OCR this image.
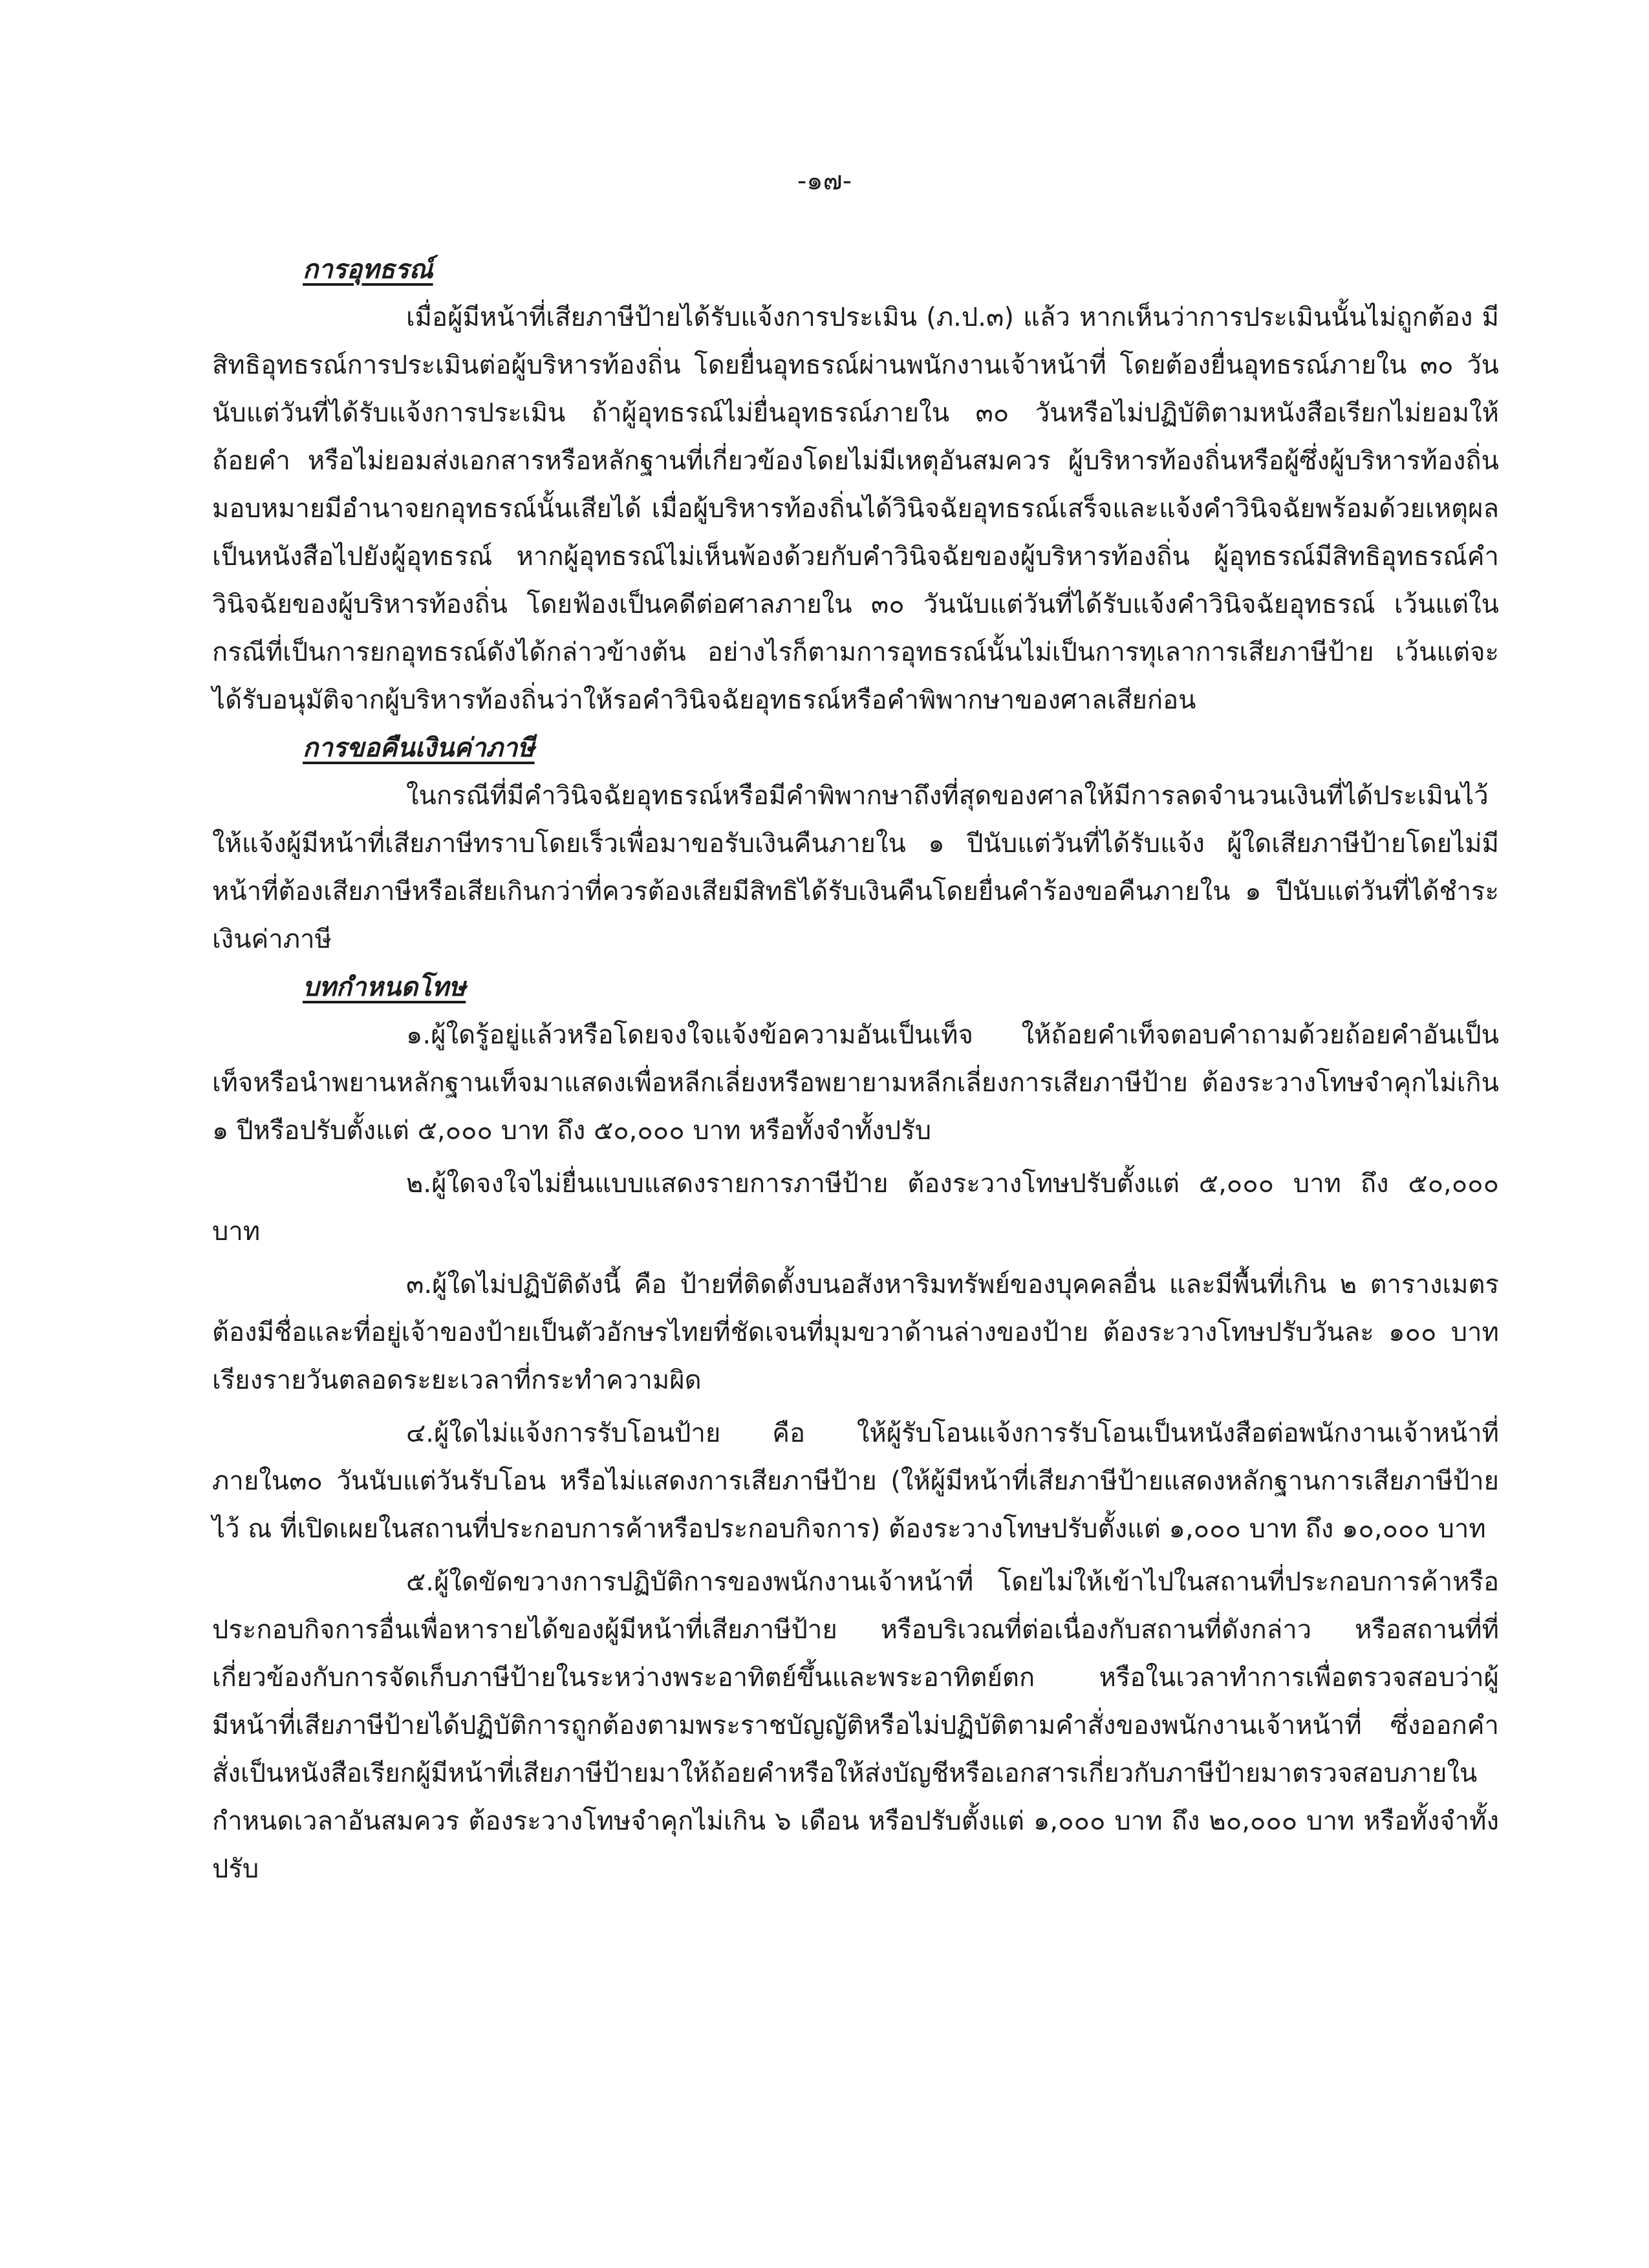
-๑๗-
การอุทธรณ์

เมื่อผู้มีหน้าที่เสียภาษีป้ายได้รับแจ้งการประเมิน (ภ.ป.๓) แล้ว หากเห็นว่าการประเมินนั้นไม่ถูกต้อง มีสิทธิอุทธรณ์การประเมินต่อผู้บริหารท้องถิ่น โดยยื่นอุทธรณ์ผ่านพนักงานเจ้าหน้าที่ โดยต้องยื่นอุทธรณ์ภายใน ๓๐ วันนับแต่วันที่ได้รับแจ้งการประเมิน ถ้าผู้อุทธรณ์ไม่ยื่นอุทธรณ์ภายใน ๓๐ วันหรือไม่ปฏิบัติตามหนังสือเรียกไม่ยอมให้ถ้อยคำ หรือไม่ยอมส่งเอกสารหรือหลักฐานที่เกี่ยวข้องโดยไม่มีเหตุอันสมควร ผู้บริหารท้องถิ่นหรือผู้ซึ่งผู้บริหารท้องถิ่นมอบหมายมีอำนาจยกอุทธรณ์นั้นเสียได้ เมื่อผู้บริหารท้องถิ่นได้วินิจฉัยอุทธรณ์เสร็จและแจ้งคำวินิจฉัยพร้อมด้วยเหตุผลเป็นหนังสือไปยังผู้อุทธรณ์ หากผู้อุทธรณ์ไม่เห็นพ้องด้วยกับคำวินิจฉัยของผู้บริหารท้องถิ่น ผู้อุทธรณ์มีสิทธิอุทธรณ์คำวินิจฉัยของผู้บริหารท้องถิ่น โดยฟ้องเป็นคดีต่อศาลภายใน ๓๐ วันนับแต่วันที่ได้รับแจ้งคำวินิจฉัยอุทธรณ์ เว้นแต่ในกรณีที่เป็นการยกอุทธรณ์ดังได้กล่าวข้างต้น อย่างไรก็ตามการอุทธรณ์นั้นไม่เป็นการทุเลาการเสียภาษีป้าย เว้นแต่จะได้รับอนุมัติจากผู้บริหารท้องถิ่นว่าให้รอคำวินิจฉัยอุทธรณ์หรือคำพิพากษาของศาลเสียก่อน

การขอคืนเงินค่าภาษี

ในกรณีที่มีคำวินิจฉัยอุทธรณ์หรือมีคำพิพากษาถึงที่สุดของศาลให้มีการลดจำนวนเงินที่ได้ประเมินไว้ให้แจ้งผู้มีหน้าที่เสียภาษีทราบโดยเร็วเพื่อมาขอรับเงินคืนภายใน ๑ ปีนับแต่วันที่ได้รับแจ้ง ผู้ใดเสียภาษีป้ายโดยไม่มีหน้าที่ต้องเสียภาษีหรือเสียเกินกว่าที่ควรต้องเสียมีสิทธิได้รับเงินคืนโดยยื่นคำร้องขอคืนภายใน ๑ ปีนับแต่วันที่ได้ชำระเงินค่าภาษี

บทกำหนดโทษ

๑.ผู้ใดรู้อยู่แล้วหรือโดยจงใจแจ้งข้อความอันเป็นเท็จ ให้ถ้อยคำเท็จตอบคำถามด้วยถ้อยคำอันเป็นเท็จหรือนำพยานหลักฐานเท็จมาแสดงเพื่อหลีกเลี่ยงหรือพยายามหลีกเลี่ยงการเสียภาษีป้าย ต้องระวางโทษจำคุกไม่เกิน ๑ ปีหรือปรับตั้งแต่ ๕,๐๐๐ บาท ถึง ๕๐,๐๐๐ บาท หรือทั้งจำทั้งปรับ

๒.ผู้ใดจงใจไม่ยื่นแบบแสดงรายการภาษีป้าย ต้องระวางโทษปรับตั้งแต่ ๕,๐๐๐ บาท ถึง ๕๐,๐๐๐ บาท

๓.ผู้ใดไม่ปฏิบัติดังนี้ คือ ป้ายที่ติดตั้งบนอสังหาริมทรัพย์ของบุคคลอื่น และมีพื้นที่เกิน ๒ ตารางเมตรต้องมีชื่อและที่อยู่เจ้าของป้ายเป็นตัวอักษรไทยที่ชัดเจนที่มุมขวาด้านล่างของป้าย ต้องระวางโทษปรับวันละ ๑๐๐ บาท เรียงรายวันตลอดระยะเวลาที่กระทำความผิด

๔.ผู้ใดไม่แจ้งการรับโอนป้าย คือ ให้ผู้รับโอนแจ้งการรับโอนเป็นหนังสือต่อพนักงานเจ้าหน้าที่ภายใน๓๐ วันนับแต่วันรับโอน หรือไม่แสดงการเสียภาษีป้าย (ให้ผู้มีหน้าที่เสียภาษีป้ายแสดงหลักฐานการเสียภาษีป้ายไว้ ณ ที่เปิดเผยในสถานที่ประกอบการค้าหรือประกอบกิจการ) ต้องระวางโทษปรับตั้งแต่ ๑,๐๐๐ บาท ถึง ๑๐,๐๐๐ บาท

๕.ผู้ใดขัดขวางการปฏิบัติการของพนักงานเจ้าหน้าที่ โดยไม่ให้เข้าไปในสถานที่ประกอบการค้าหรือประกอบกิจการอื่นเพื่อหารายได้ของผู้มีหน้าที่เสียภาษีป้าย หรือบริเวณที่ต่อเนื่องกับสถานที่ดังกล่าว หรือสถานที่ที่เกี่ยวข้องกับการจัดเก็บภาษีป้ายในระหว่างพระอาทิตย์ขึ้นและพระอาทิตย์ตก หรือในเวลาทำการเพื่อตรวจสอบว่าผู้มีหน้าที่เสียภาษีป้ายได้ปฏิบัติการถูกต้องตามพระราชบัญญัติหรือไม่ปฏิบัติตามคำสั่งของพนักงานเจ้าหน้าที่ ซึ่งออกคำสั่งเป็นหนังสือเรียกผู้มีหน้าที่เสียภาษีป้ายมาให้ถ้อยคำหรือให้ส่งบัญชีหรือเอกสารเกี่ยวกับภาษีป้ายมาตรวจสอบภายในกำหนดเวลาอันสมควร ต้องระวางโทษจำคุกไม่เกิน ๖ เดือน หรือปรับตั้งแต่ ๑,๐๐๐ บาท ถึง ๒๐,๐๐๐ บาท หรือทั้งจำทั้งปรับ
